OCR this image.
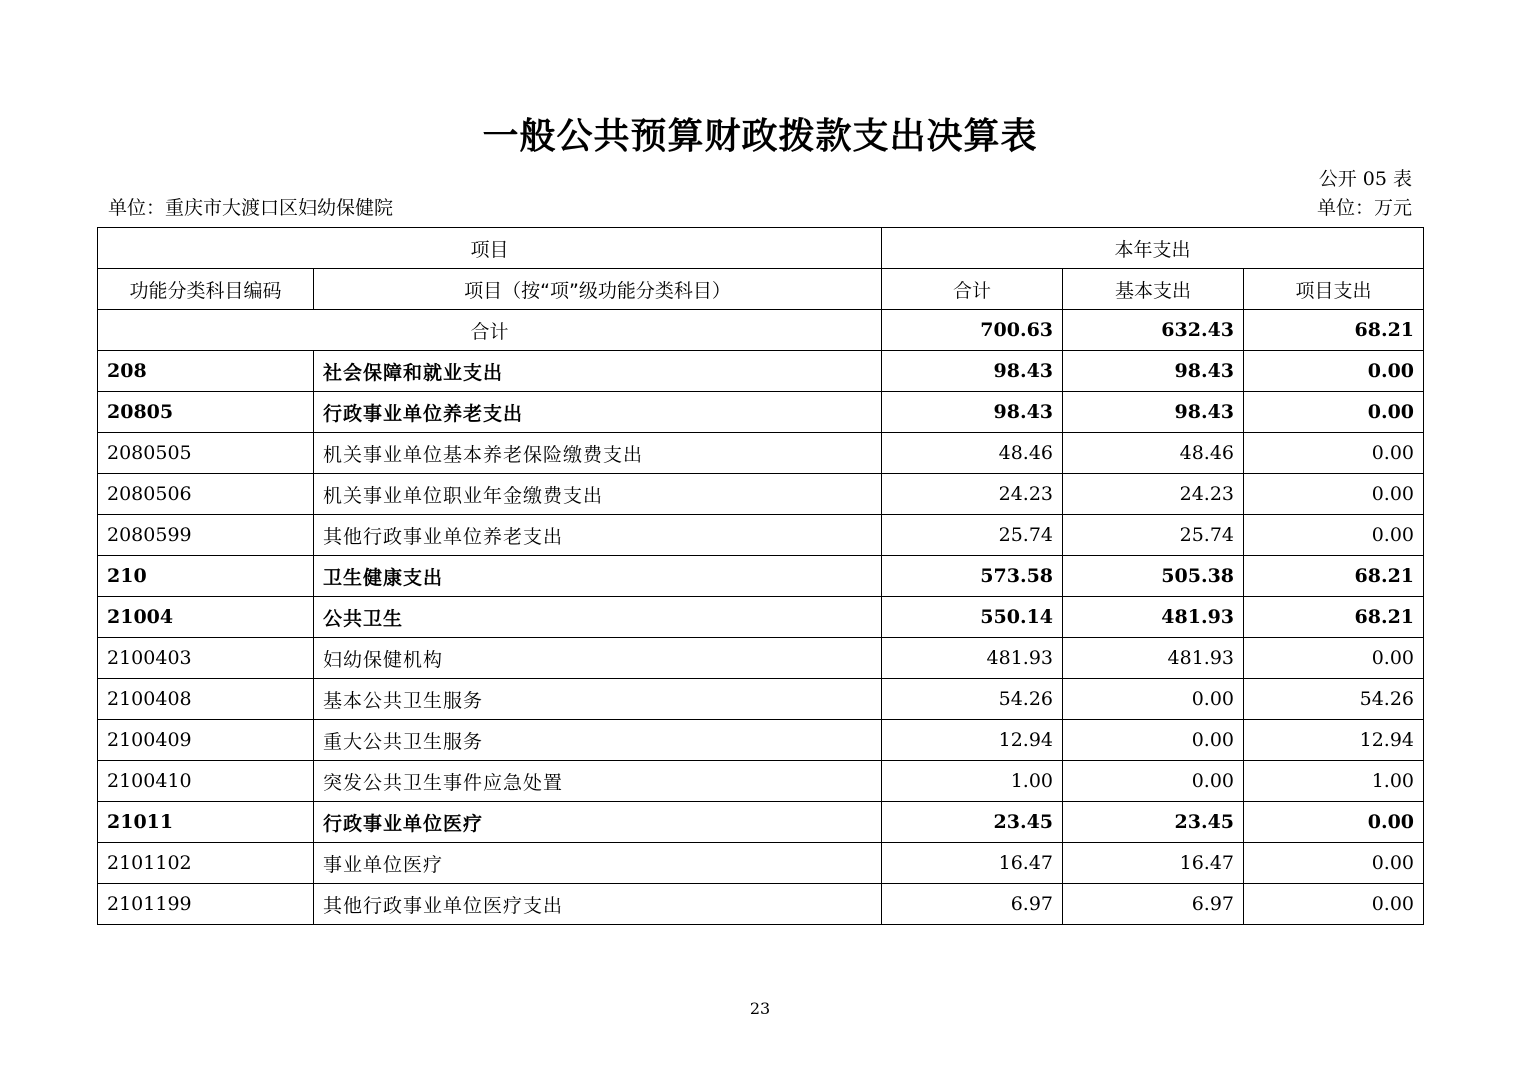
一般公共预算财政拨款支出决算表
公开 05 表
单位：重庆市大渡口区妇幼保健院	单位：万元
项目		本年支出		
功能分类科目编码	项目（按“项”级功能分类科目）	合计	基本支出	项目支出
合计		700.63	632.43	68.21
208	社会保障和就业支出	98.43	98.43	0.00
20805	行政事业单位养老支出	98.43	98.43	0.00
2080505	机关事业单位基本养老保险缴费支出	48.46	48.46	0.00
2080506	机关事业单位职业年金缴费支出	24.23	24.23	0.00
2080599	其他行政事业单位养老支出	25.74	25.74	0.00
210	卫生健康支出	573.58	505.38	68.21
21004	公共卫生	550.14	481.93	68.21
2100403	妇幼保健机构	481.93	481.93	0.00
2100408	基本公共卫生服务	54.26	0.00	54.26
2100409	重大公共卫生服务	12.94	0.00	12.94
2100410	突发公共卫生事件应急处置	1.00	0.00	1.00
21011	行政事业单位医疗	23.45	23.45	0.00
2101102	事业单位医疗	16.47	16.47	0.00
2101199	其他行政事业单位医疗支出	6.97	6.97	0.00
23
